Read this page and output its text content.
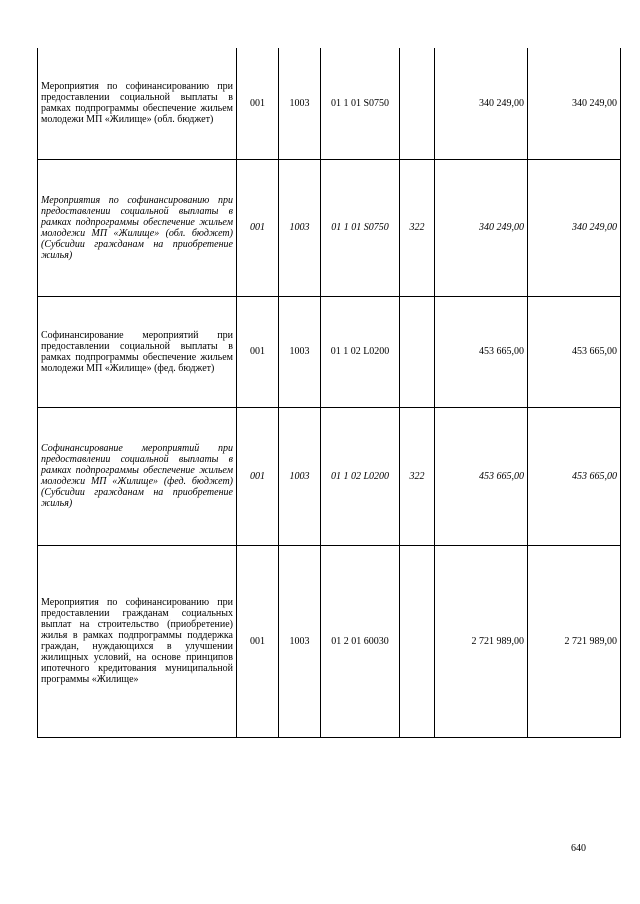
Мероприятия по софинансированию при предоставлении социальной выплаты в рамках подпрограммы обеспечение жильем молодежи МП «Жилище» (обл. бюджет)	001	1003	01 1 01 S0750		340 249,00	340 249,00
Мероприятия по софинансированию при предоставлении социальной выплаты в рамках подпрограммы обеспечение жильем молодежи МП «Жилище» (обл. бюджет) (Субсидии гражданам на приобретение жилья)	001	1003	01 1 01 S0750	322	340 249,00	340 249,00
Софинансирование мероприятий при предоставлении социальной выплаты в рамках подпрограммы обеспечение жильем молодежи МП «Жилище» (фед. бюджет)	001	1003	01 1 02 L0200		453 665,00	453 665,00
Софинансирование мероприятий при предоставлении социальной выплаты в рамках подпрограммы обеспечение жильем молодежи МП «Жилище» (фед. бюджет) (Субсидии гражданам на приобретение жилья)	001	1003	01 1 02 L0200	322	453 665,00	453 665,00
Мероприятия по софинансированию при предоставлении гражданам социальных выплат на строительство (приобретение) жилья в рамках подпрограммы поддержка граждан, нуждающихся в улучшении жилищных условий, на основе принципов ипотечного кредитования муниципальной программы «Жилище»	001	1003	01 2 01 60030		2 721 989,00	2 721 989,00
640
